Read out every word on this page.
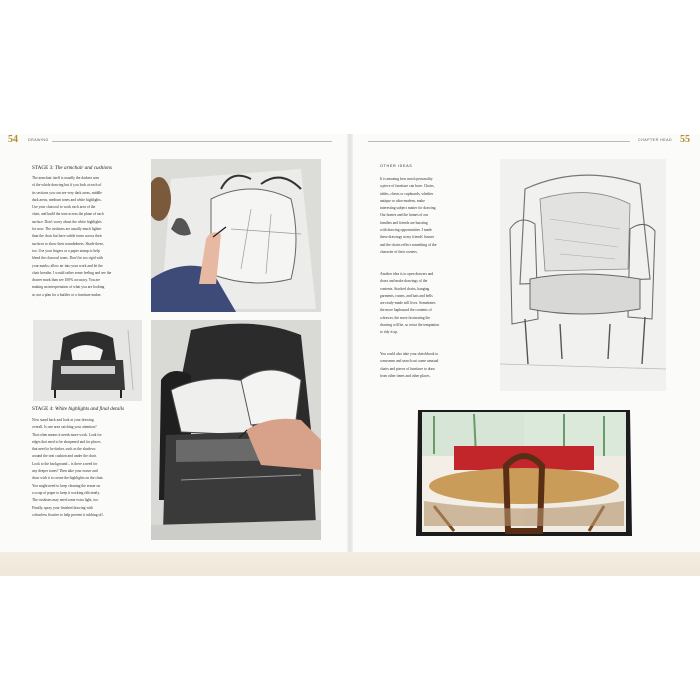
54	DRAWING
STAGE 3: The armchair and cushions
The armchair itself is usually the darkest area
of the whole drawing but if you look at each of
its sections you can see very dark areas, middle
dark areas, medium tones and white highlights.
Use your charcoal to work each area of the
chair, and build the tone across the plane of each
surface. Don't worry about the white highlights
for now. The cushions are usually much lighter
than the chair but have subtle tones across their
surfaces to show their roundedness. Shade these,
too. Use your fingers or a paper stump to help
blend the charcoal tones. Don't be too rigid with
your marks; allow air into your work and let the
chair breathe. I would rather sense feeling and see the
drawer mark than see 100% accuracy. You are
making an interpretation of what you are looking
at, not a plan for a builder or a furniture maker.
STAGE 4: White highlights and final details
Now stand back and look at your drawing
overall. Is one area catching your attention?
That often means it needs more work. Look for
edges that need to be sharpened and for places
that need to be darker, such as the shadows
around the seat cushion and under the chair.
Look to the background – is there a need for
any deeper tones? Then take your eraser and
draw with it to create the highlights on the chair.
You might need to keep cleaning the eraser on
a scrap of paper to keep it working efficiently.
The cushions may need some extra light, too.
Finally, spray your finished drawing with
colourless fixative to help prevent it rubbing off.
CHAPTER HEAD 55
OTHER IDEAS
It is amazing how much personality
a piece of furniture can have. Chairs,
tables, chests or cupboards, whether
antique or ultra-modern, make
interesting subject matter for drawing.
Our homes and the homes of our
families and friends are bursting
with drawing opportunities. I made
these drawings at my friends' houses
and the chairs reflect something of the
character of their owners.
Another idea is to open drawers and
doors and make drawings of the
contents. Stacked chairs, hanging
garments, rooms, and hats and bells
are ready-made still lives. Sometimes
the more haphazard the contents of
a drawer, the more fascinating the
drawing will be, so resist the temptation
to tidy it up.
You could also take your sketchbook to
a museum and search out some unusual
chairs and pieces of furniture to draw
from other times and other places.
